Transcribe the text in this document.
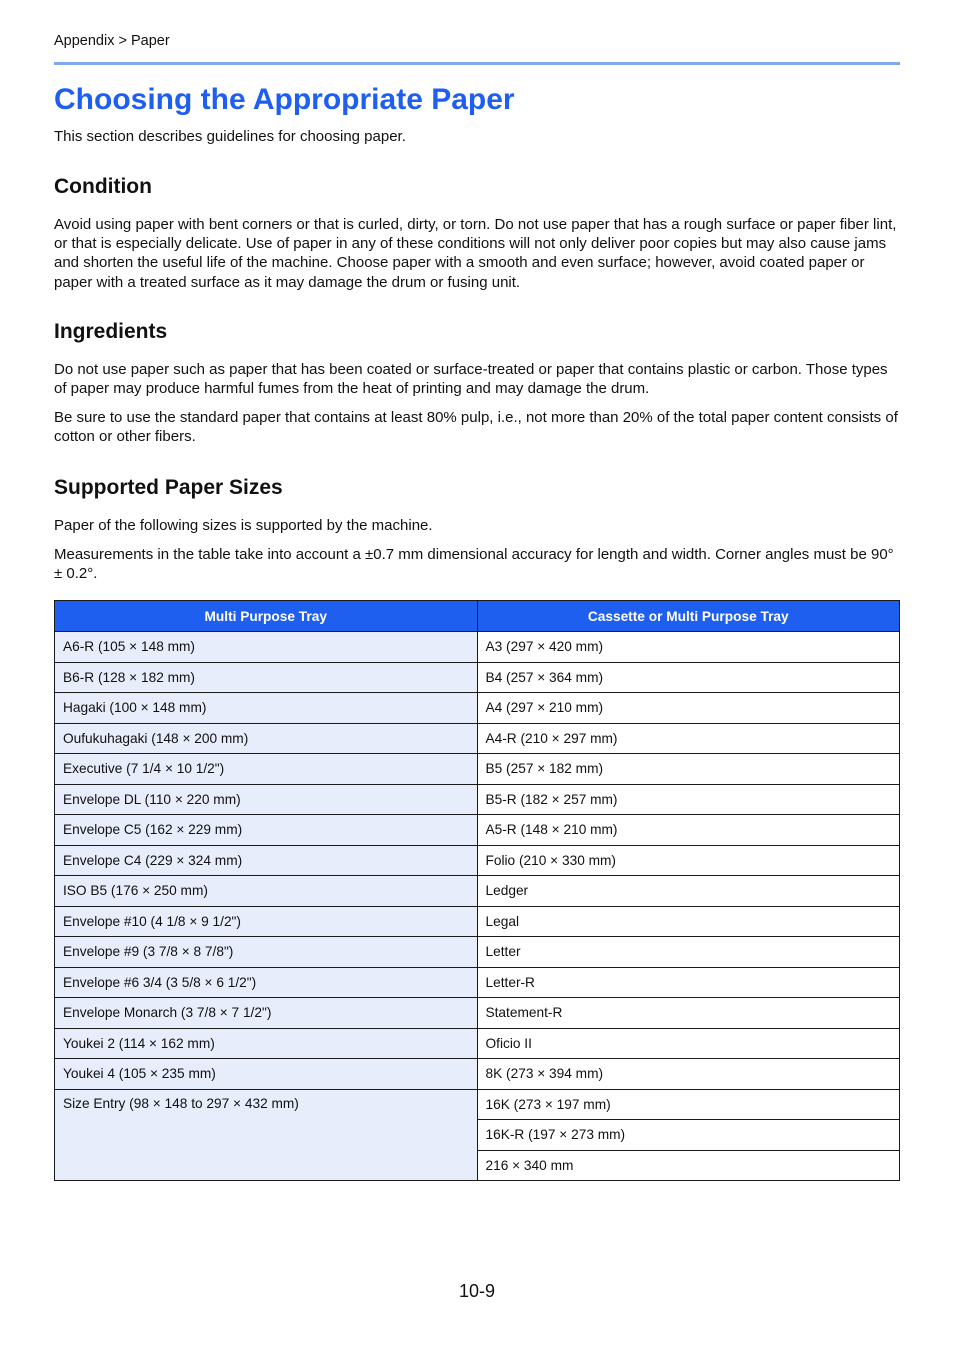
Appendix > Paper
Choosing the Appropriate Paper

This section describes guidelines for choosing paper.

Condition

Avoid using paper with bent corners or that is curled, dirty, or torn. Do not use paper that has a rough surface or paper fiber lint, or that is especially delicate. Use of paper in any of these conditions will not only deliver poor copies but may also cause jams and shorten the useful life of the machine. Choose paper with a smooth and even surface; however, avoid coated paper or paper with a treated surface as it may damage the drum or fusing unit.

Ingredients

Do not use paper such as paper that has been coated or surface-treated or paper that contains plastic or carbon. Those types of paper may produce harmful fumes from the heat of printing and may damage the drum.

Be sure to use the standard paper that contains at least 80% pulp, i.e., not more than 20% of the total paper content consists of cotton or other fibers.

Supported Paper Sizes

Paper of the following sizes is supported by the machine.

Measurements in the table take into account a ±0.7 mm dimensional accuracy for length and width. Corner angles must be 90° ± 0.2°.

Multi Purpose Tray	Cassette or Multi Purpose Tray
A6-R (105 × 148 mm)	A3 (297 × 420 mm)
B6-R (128 × 182 mm)	B4 (257 × 364 mm)
Hagaki (100 × 148 mm)	A4 (297 × 210 mm)
Oufukuhagaki (148 × 200 mm)	A4-R (210 × 297 mm)
Executive (7 1/4 × 10 1/2")	B5 (257 × 182 mm)
Envelope DL (110 × 220 mm)	B5-R (182 × 257 mm)
Envelope C5 (162 × 229 mm)	A5-R (148 × 210 mm)
Envelope C4 (229 × 324 mm)	Folio (210 × 330 mm)
ISO B5 (176 × 250 mm)	Ledger
Envelope #10 (4 1/8 × 9 1/2")	Legal
Envelope #9 (3 7/8 × 8 7/8")	Letter
Envelope #6 3/4 (3 5/8 × 6 1/2")	Letter-R
Envelope Monarch (3 7/8 × 7 1/2")	Statement-R
Youkei 2 (114 × 162 mm)	Oficio II
Youkei 4 (105 × 235 mm)	8K (273 × 394 mm)
Size Entry (98 × 148 to 297 × 432 mm)	16K (273 × 197 mm)
	16K-R (197 × 273 mm)
	216 × 340 mm
10-9
